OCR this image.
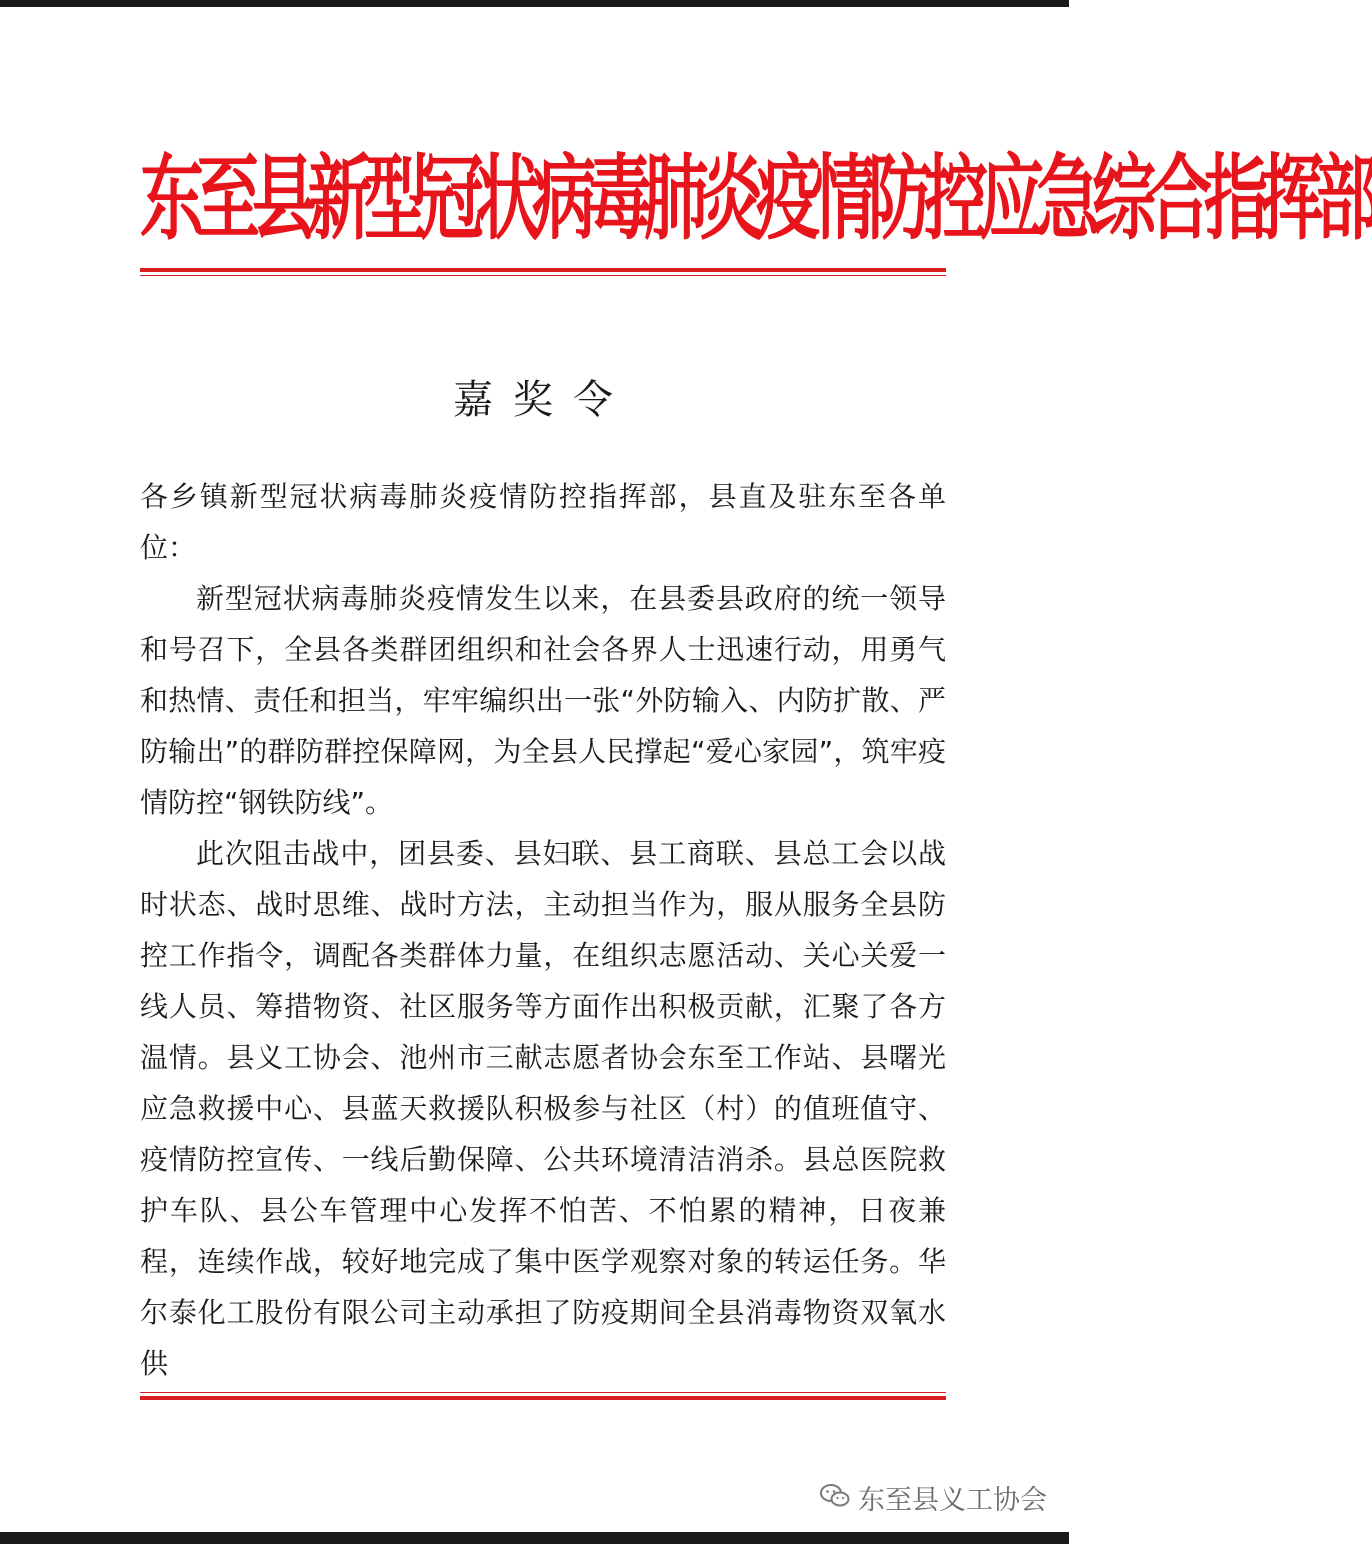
东至县新型冠状病毒肺炎疫情防控应急综合指挥部
嘉奖令

各乡镇新型冠状病毒肺炎疫情防控指挥部，县直及驻东至各单位：

新型冠状病毒肺炎疫情发生以来，在县委县政府的统一领导和号召下，全县各类群团组织和社会各界人士迅速行动，用勇气和热情、责任和担当，牢牢编织出一张“外防输入、内防扩散、严防输出”的群防群控保障网，为全县人民撑起“爱心家园”，筑牢疫情防控“钢铁防线”。

此次阻击战中，团县委、县妇联、县工商联、县总工会以战时状态、战时思维、战时方法，主动担当作为，服从服务全县防控工作指令，调配各类群体力量，在组织志愿活动、关心关爱一线人员、筹措物资、社区服务等方面作出积极贡献，汇聚了各方温情。县义工协会、池州市三献志愿者协会东至工作站、县曙光应急救援中心、县蓝天救援队积极参与社区（村）的值班值守、疫情防控宣传、一线后勤保障、公共环境清洁消杀。县总医院救护车队、县公车管理中心发挥不怕苦、不怕累的精神，日夜兼程，连续作战，较好地完成了集中医学观察对象的转运任务。华尔泰化工股份有限公司主动承担了防疫期间全县消毒物资双氧水供

东至县义工协会
